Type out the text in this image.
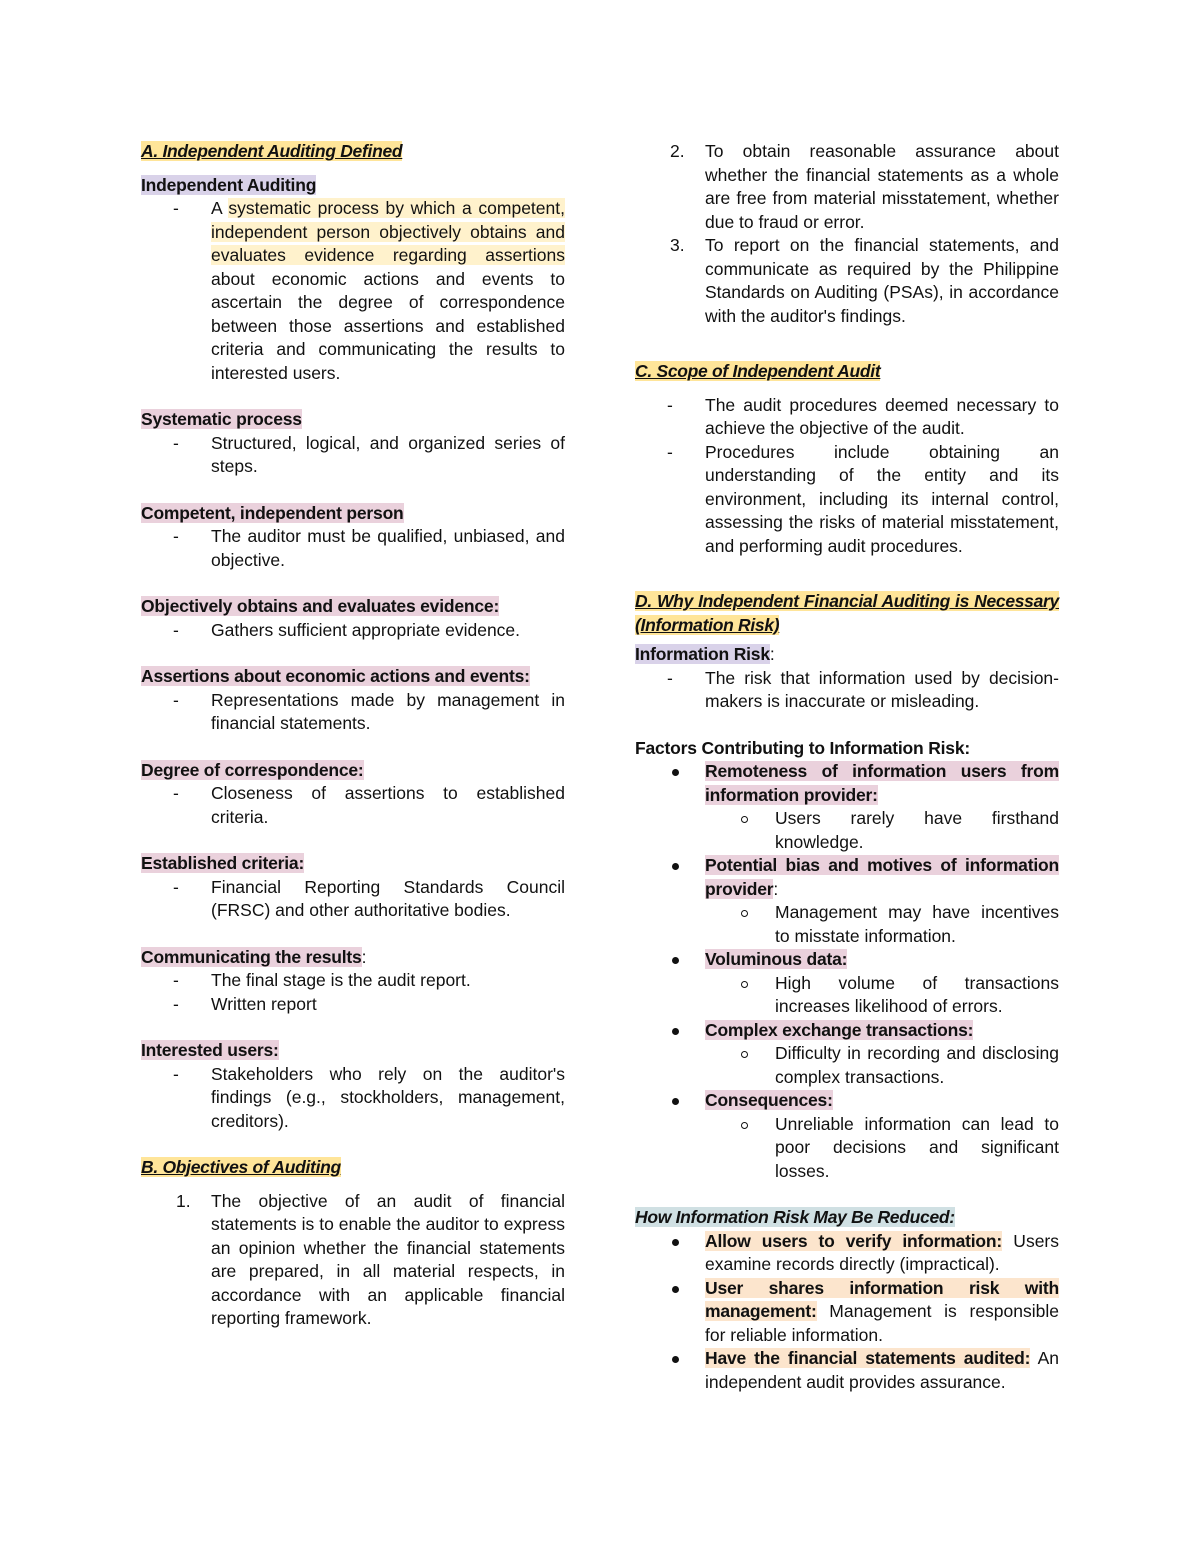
A. Independent Auditing Defined
Independent Auditing
- A systematic process by which a competent, independent person objectively obtains and evaluates evidence regarding assertions about economic actions and events to ascertain the degree of correspondence between those assertions and established criteria and communicating the results to interested users.
Systematic process
- Structured, logical, and organized series of steps.
Competent, independent person
- The auditor must be qualified, unbiased, and objective.
Objectively obtains and evaluates evidence:
- Gathers sufficient appropriate evidence.
Assertions about economic actions and events:
- Representations made by management in financial statements.
Degree of correspondence:
- Closeness of assertions to established criteria.
Established criteria:
- Financial Reporting Standards Council (FRSC) and other authoritative bodies.
Communicating the results:
- The final stage is the audit report.
- Written report
Interested users:
- Stakeholders who rely on the auditor's findings (e.g., stockholders, management, creditors).
B. Objectives of Auditing
1. The objective of an audit of financial statements is to enable the auditor to express an opinion whether the financial statements are prepared, in all material respects, in accordance with an applicable financial reporting framework.
2. To obtain reasonable assurance about whether the financial statements as a whole are free from material misstatement, whether due to fraud or error.
3. To report on the financial statements, and communicate as required by the Philippine Standards on Auditing (PSAs), in accordance with the auditor's findings.
C. Scope of Independent Audit
- The audit procedures deemed necessary to achieve the objective of the audit.
- Procedures include obtaining an understanding of the entity and its environment, including its internal control, assessing the risks of material misstatement, and performing audit procedures.
D. Why Independent Financial Auditing is Necessary (Information Risk)
Information Risk:
- The risk that information used by decision-makers is inaccurate or misleading.
Factors Contributing to Information Risk:
Remoteness of information users from information provider:
Users rarely have firsthand knowledge.
Potential bias and motives of information provider:
Management may have incentives to misstate information.
Voluminous data:
High volume of transactions increases likelihood of errors.
Complex exchange transactions:
Difficulty in recording and disclosing complex transactions.
Consequences:
Unreliable information can lead to poor decisions and significant losses.
How Information Risk May Be Reduced:
Allow users to verify information: Users examine records directly (impractical).
User shares information risk with management: Management is responsible for reliable information.
Have the financial statements audited: An independent audit provides assurance.
